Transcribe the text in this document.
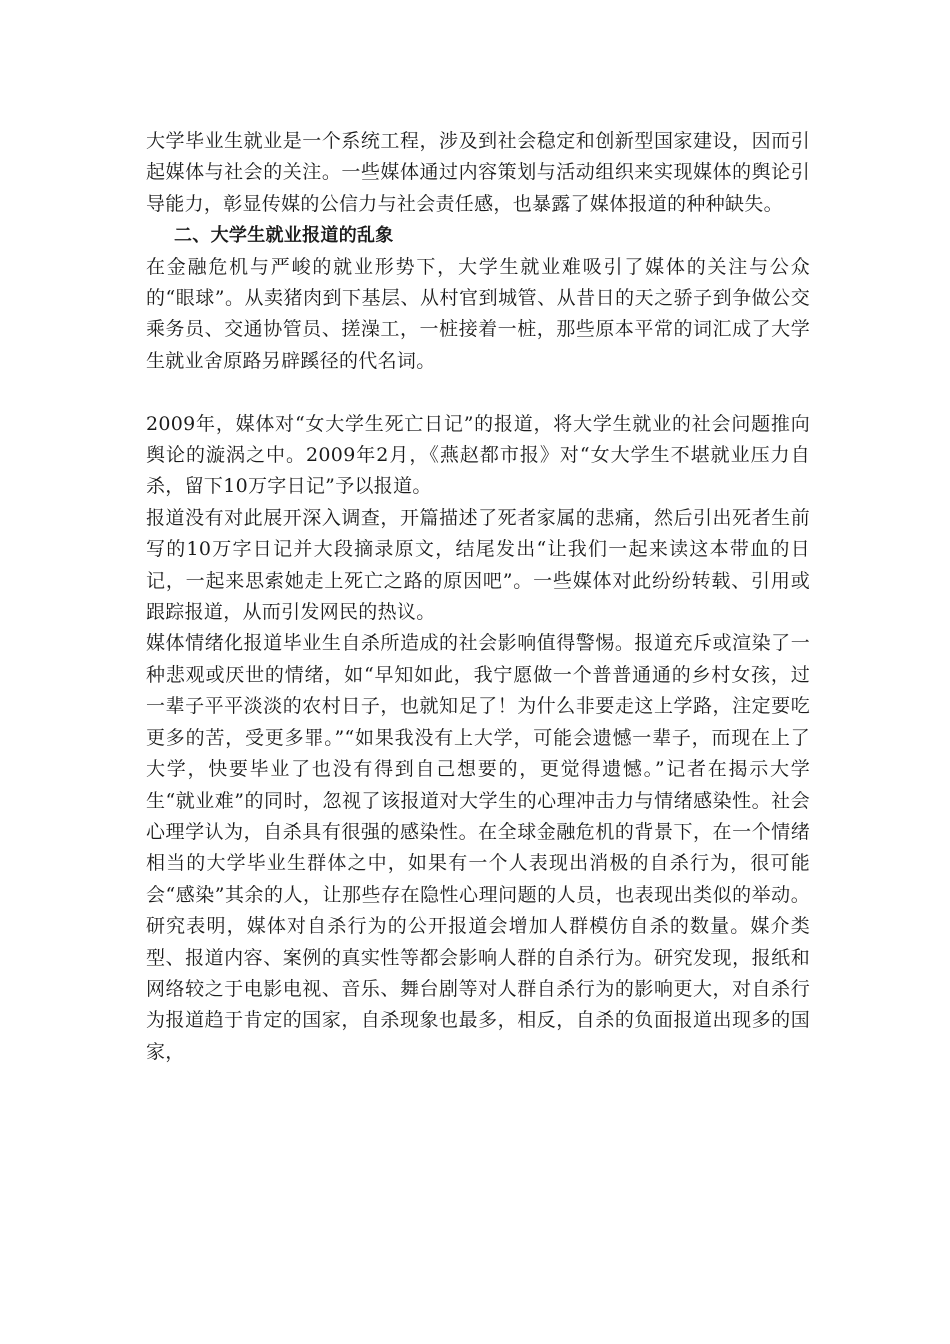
大学毕业生就业是一个系统工程，涉及到社会稳定和创新型国家建设，因而引起媒体与社会的关注。一些媒体通过内容策划与活动组织来实现媒体的舆论引导能力，彰显传媒的公信力与社会责任感，也暴露了媒体报道的种种缺失。

二、大学生就业报道的乱象

在金融危机与严峻的就业形势下，大学生就业难吸引了媒体的关注与公众的“眼球”。从卖猪肉到下基层、从村官到城管、从昔日的天之骄子到争做公交乘务员、交通协管员、搓澡工，一桩接着一桩，那些原本平常的词汇成了大学生就业舍原路另辟蹊径的代名词。

2009年，媒体对“女大学生死亡日记”的报道，将大学生就业的社会问题推向舆论的漩涡之中。2009年2月，《燕赵都市报》对“女大学生不堪就业压力自杀，留下10万字日记”予以报道。

报道没有对此展开深入调查，开篇描述了死者家属的悲痛，然后引出死者生前写的10万字日记并大段摘录原文，结尾发出“让我们一起来读这本带血的日记，一起来思索她走上死亡之路的原因吧”。一些媒体对此纷纷转载、引用或跟踪报道，从而引发网民的热议。

媒体情绪化报道毕业生自杀所造成的社会影响值得警惕。报道充斥或渲染了一种悲观或厌世的情绪，如“早知如此，我宁愿做一个普普通通的乡村女孩，过一辈子平平淡淡的农村日子，也就知足了！为什么非要走这上学路，注定要吃更多的苦，受更多罪。”“如果我没有上大学，可能会遗憾一辈子，而现在上了大学，快要毕业了也没有得到自己想要的，更觉得遗憾。”记者在揭示大学生“就业难”的同时，忽视了该报道对大学生的心理冲击力与情绪感染性。社会心理学认为，自杀具有很强的感染性。在全球金融危机的背景下，在一个情绪相当的大学毕业生群体之中，如果有一个人表现出消极的自杀行为，很可能会“感染”其余的人，让那些存在隐性心理问题的人员，也表现出类似的举动。研究表明，媒体对自杀行为的公开报道会增加人群模仿自杀的数量。媒介类型、报道内容、案例的真实性等都会影响人群的自杀行为。研究发现，报纸和网络较之于电影电视、音乐、舞台剧等对人群自杀行为的影响更大，对自杀行为报道趋于肯定的国家，自杀现象也最多，相反，自杀的负面报道出现多的国家，
